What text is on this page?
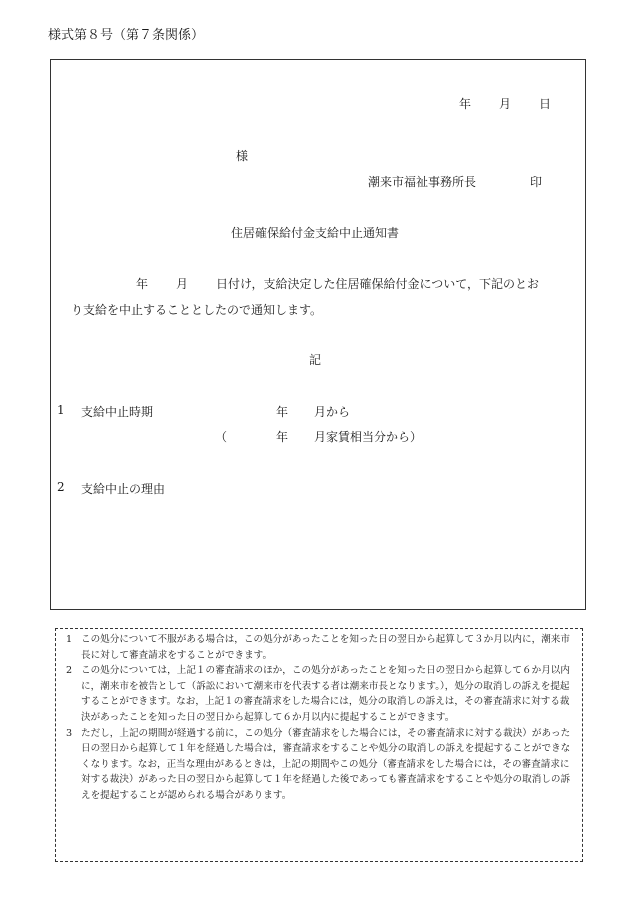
様式第８号（第７条関係）
年 月 日
様
潮来市福祉事務所長	印
住居確保給付金支給中止通知書
年 月 日付け，支給決定した住居確保給付金について，下記のとお
り支給を中止することとしたので通知します。
記
1 支給中止時期	年 月から
（	年 月家賃相当分から）
2 支給中止の理由
1 この処分について不服がある場合は，この処分があったことを知った日の翌日から起算して３か月以内に，潮来市長に対して審査請求をすることができます。
2 この処分については，上記１の審査請求のほか，この処分があったことを知った日の翌日から起算して６か月以内に，潮来市を被告として（訴訟において潮来市を代表する者は潮来市長となります。），処分の取消しの訴えを提起することができます。なお，上記１の審査請求をした場合には，処分の取消しの訴えは，その審査請求に対する裁決があったことを知った日の翌日から起算して６か月以内に提起することができます。
3 ただし，上記の期間が経過する前に，この処分（審査請求をした場合には，その審査請求に対する裁決）があった日の翌日から起算して１年を経過した場合は，審査請求をすることや処分の取消しの訴えを提起することができなくなります。なお，正当な理由があるときは，上記の期間やこの処分（審査請求をした場合には，その審査請求に対する裁決）があった日の翌日から起算して１年を経過した後であっても審査請求をすることや処分の取消しの訴えを提起することが認められる場合があります。
